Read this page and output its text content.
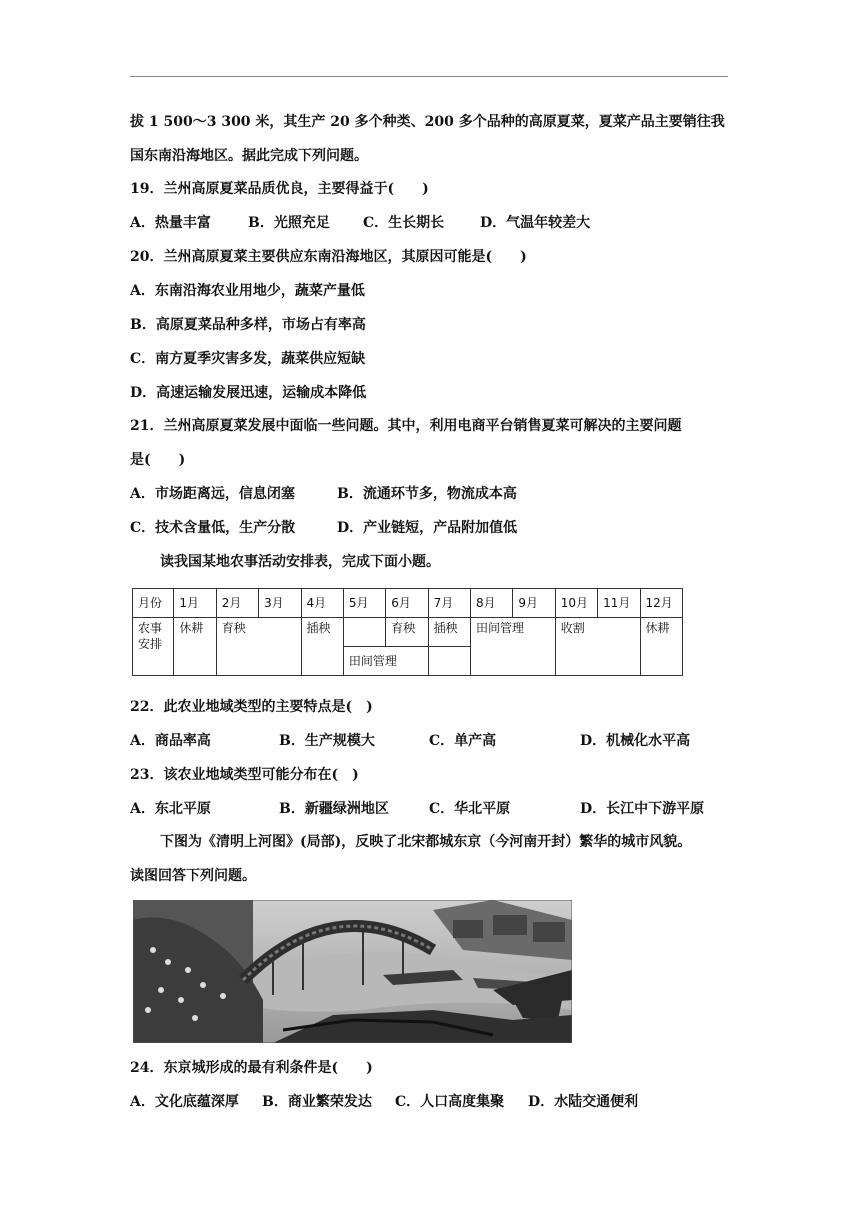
拔 1 500～3 300 米，其生产 20 多个种类、200 多个品种的高原夏菜，夏菜产品主要销往我
国东南沿海地区。据此完成下列问题。
19．兰州高原夏菜品质优良，主要得益于(　　)
A．热量丰富	B．光照充足 C．生长期长	D．气温年较差大
20．兰州高原夏菜主要供应东南沿海地区，其原因可能是(　　)
A．东南沿海农业用地少，蔬菜产量低
B．高原夏菜品种多样，市场占有率高
C．南方夏季灾害多发，蔬菜供应短缺
D．高速运输发展迅速，运输成本降低
21．兰州高原夏菜发展中面临一些问题。其中，利用电商平台销售夏菜可解决的主要问题
是(　　)
A．市场距离远，信息闭塞	B．流通环节多，物流成本高
C．技术含量低，生产分散	D．产业链短，产品附加值低
读我国某地农事活动安排表，完成下面小题。
月份	1月	2月	3月	4月	5月	6月	7月	8月	9月	10月	11月	12月
农事安排	休耕	育秧		插秧		育秧	插秧	田间管理		收割		休耕
					田间管理							
22．此农业地域类型的主要特点是(　)
A．商品率高	B．生产规模大	C．单产高	D．机械化水平高
23．该农业地域类型可能分布在(　)
A．东北平原	B．新疆绿洲地区	C．华北平原	D．长江中下游平原
下图为《清明上河图》(局部)，反映了北宋都城东京（今河南开封）繁华的城市风貌。
读图回答下列问题。
24．东京城形成的最有利条件是(　　)
A．文化底蕴深厚 B．商业繁荣发达 C．人口高度集聚 D．水陆交通便利
